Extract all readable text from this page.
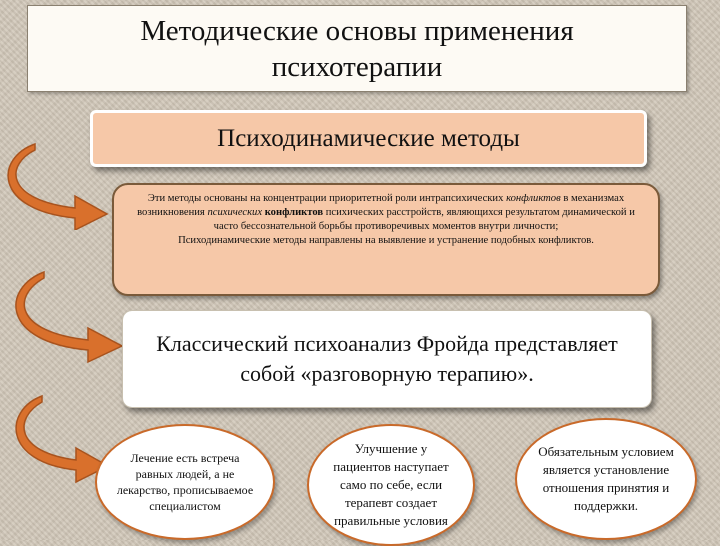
Методические основы применения психотерапии
Психодинамические методы
Эти методы основаны на концентрации приоритетной роли интрапсихических конфликтов в механизмах возникновения психических конфликтов психических расстройств, являющихся результатом динамической и часто бессознательной борьбы противоречивых моментов внутри личности;
Психодинамические методы направлены на выявление и устранение подобных конфликтов.
Классический психоанализ Фройда представляет собой «разговорную терапию».
Лечение есть встреча равных людей, а не лекарство, прописываемое специалистом
Улучшение у пациентов наступает само по себе, если терапевт создает правильные условия
Обязательным условием является установление отношения принятия и поддержки.
